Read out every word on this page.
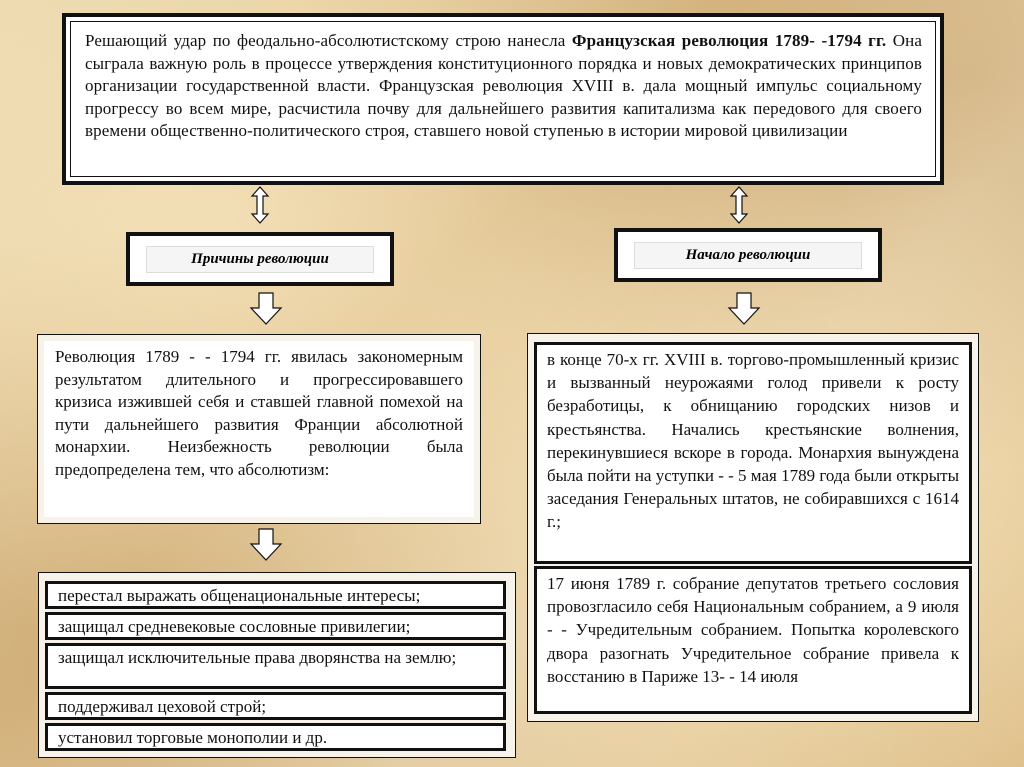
Решающий удар по феодально-абсолютистскому строю нанесла Французская революция 1789- -1794 гг. Она сыграла важную роль в процессе утверждения конституционного порядка и новых демократических принципов организации государственной власти. Французская революция XVIII в. дала мощный импульс социальному прогрессу во всем мире, расчистила почву для дальнейшего развития капитализма как передового для своего времени общественно-политического строя, ставшего новой ступенью в истории мировой цивилизации

Причины революции	Начало революции

Революция 1789 - - 1794 гг. явилась закономерным результатом длительного и прогрессировавшего кризиса изжившей себя и ставшей главной помехой на пути дальнейшего развития Франции абсолютной монархии. Неизбежность революции была предопределена тем, что абсолютизм:

перестал выражать общенациональные интересы;
защищал средневековые сословные привилегии;
защищал исключительные права дворянства на землю;
поддерживал цеховой строй;
установил торговые монополии и др.

в конце 70-х гг. XVIII в. торгово-промышленный кризис и вызванный неурожаями голод привели к росту безработицы, к обнищанию городских низов и крестьянства. Начались крестьянские волнения, перекинувшиеся вскоре в города. Монархия вынуждена была пойти на уступки - - 5 мая 1789 года были открыты заседания Генеральных штатов, не собиравшихся с 1614 г.;

17 июня 1789 г. собрание депутатов третьего сословия провозгласило себя Национальным собранием, а 9 июля - - Учредительным собранием. Попытка королевского двора разогнать Учредительное собрание привела к восстанию в Париже 13- - 14 июля
